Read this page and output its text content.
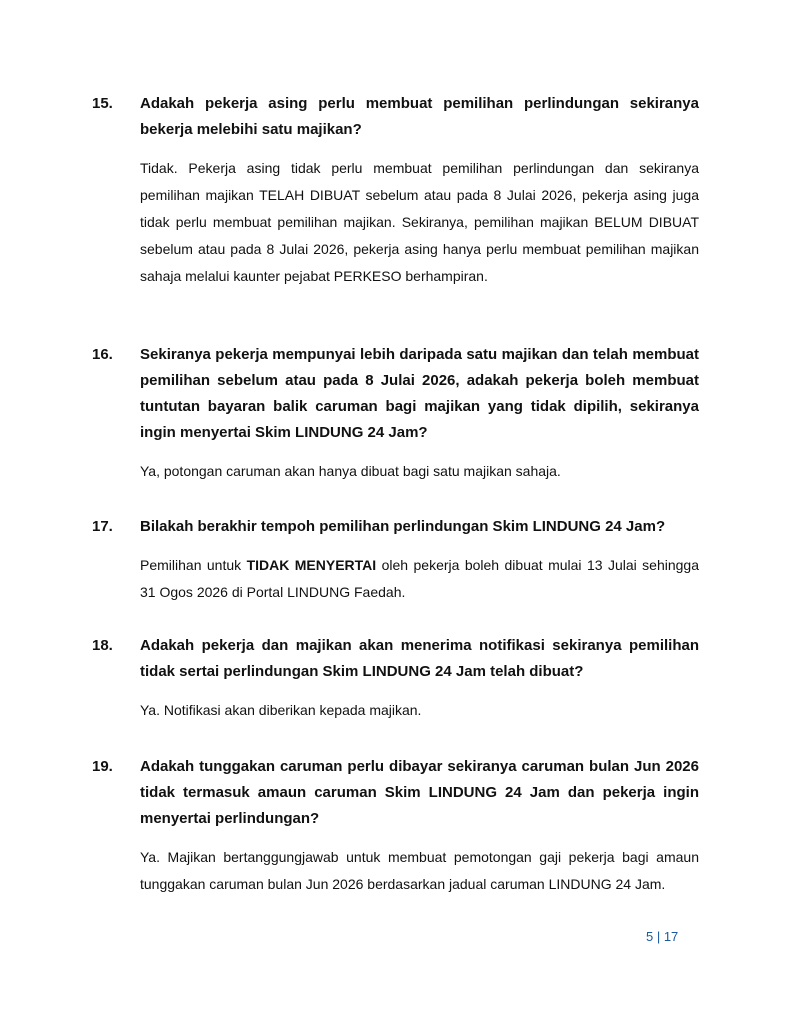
15. Adakah pekerja asing perlu membuat pemilihan perlindungan sekiranya bekerja melebihi satu majikan?
Tidak. Pekerja asing tidak perlu membuat pemilihan perlindungan dan sekiranya pemilihan majikan TELAH DIBUAT sebelum atau pada 8 Julai 2026, pekerja asing juga tidak perlu membuat pemilihan majikan. Sekiranya, pemilihan majikan BELUM DIBUAT sebelum atau pada 8 Julai 2026, pekerja asing hanya perlu membuat pemilihan majikan sahaja melalui kaunter pejabat PERKESO berhampiran.
16. Sekiranya pekerja mempunyai lebih daripada satu majikan dan telah membuat pemilihan sebelum atau pada 8 Julai 2026, adakah pekerja boleh membuat tuntutan bayaran balik caruman bagi majikan yang tidak dipilih, sekiranya ingin menyertai Skim LINDUNG 24 Jam?
Ya, potongan caruman akan hanya dibuat bagi satu majikan sahaja.
17. Bilakah berakhir tempoh pemilihan perlindungan Skim LINDUNG 24 Jam?
Pemilihan untuk TIDAK MENYERTAI oleh pekerja boleh dibuat mulai 13 Julai sehingga 31 Ogos 2026 di Portal LINDUNG Faedah.
18. Adakah pekerja dan majikan akan menerima notifikasi sekiranya pemilihan tidak sertai perlindungan Skim LINDUNG 24 Jam telah dibuat?
Ya. Notifikasi akan diberikan kepada majikan.
19. Adakah tunggakan caruman perlu dibayar sekiranya caruman bulan Jun 2026 tidak termasuk amaun caruman Skim LINDUNG 24 Jam dan pekerja ingin menyertai perlindungan?
Ya. Majikan bertanggungjawab untuk membuat pemotongan gaji pekerja bagi amaun tunggakan caruman bulan Jun 2026 berdasarkan jadual caruman LINDUNG 24 Jam.
5 | 17
